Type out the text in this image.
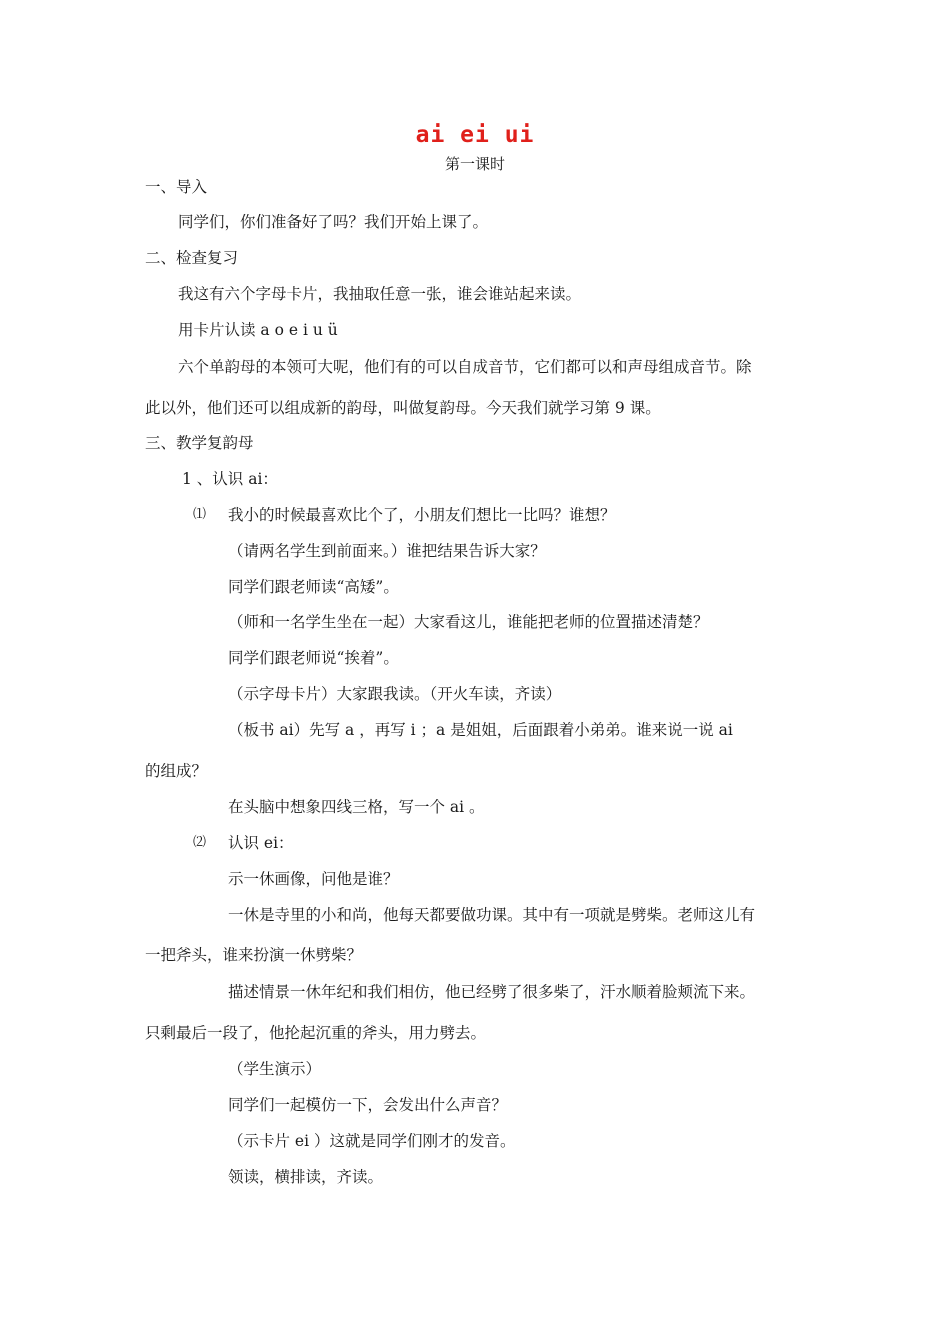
ai ei ui
第一课时
一、导入
同学们，你们准备好了吗？我们开始上课了。
二、检查复习
我这有六个字母卡片，我抽取任意一张，谁会谁站起来读。
用卡片认读 a o e i u ü
六个单韵母的本领可大呢，他们有的可以自成音节，它们都可以和声母组成音节。除
此以外，他们还可以组成新的韵母，叫做复韵母。今天我们就学习第 9 课。
三、教学复韵母
1 、认识 ai：
⑴ 我小的时候最喜欢比个了，小朋友们想比一比吗？谁想？
（请两名学生到前面来。）谁把结果告诉大家？
同学们跟老师读“高矮”。
（师和一名学生坐在一起）大家看这儿，谁能把老师的位置描述清楚？
同学们跟老师说“挨着”。
（示字母卡片）大家跟我读。（开火车读，齐读）
（板书 ai）先写 a ，再写 i ；a 是姐姐，后面跟着小弟弟。谁来说一说 ai
的组成？
在头脑中想象四线三格，写一个 ai 。
⑵ 认识 ei：
示一休画像，问他是谁？
一休是寺里的小和尚，他每天都要做功课。其中有一项就是劈柴。老师这儿有
一把斧头，谁来扮演一休劈柴？
描述情景一休年纪和我们相仿，他已经劈了很多柴了，汗水顺着脸颊流下来。
只剩最后一段了，他抡起沉重的斧头，用力劈去。
（学生演示）
同学们一起模仿一下，会发出什么声音？
（示卡片 ei ）这就是同学们刚才的发音。
领读，横排读，齐读。
